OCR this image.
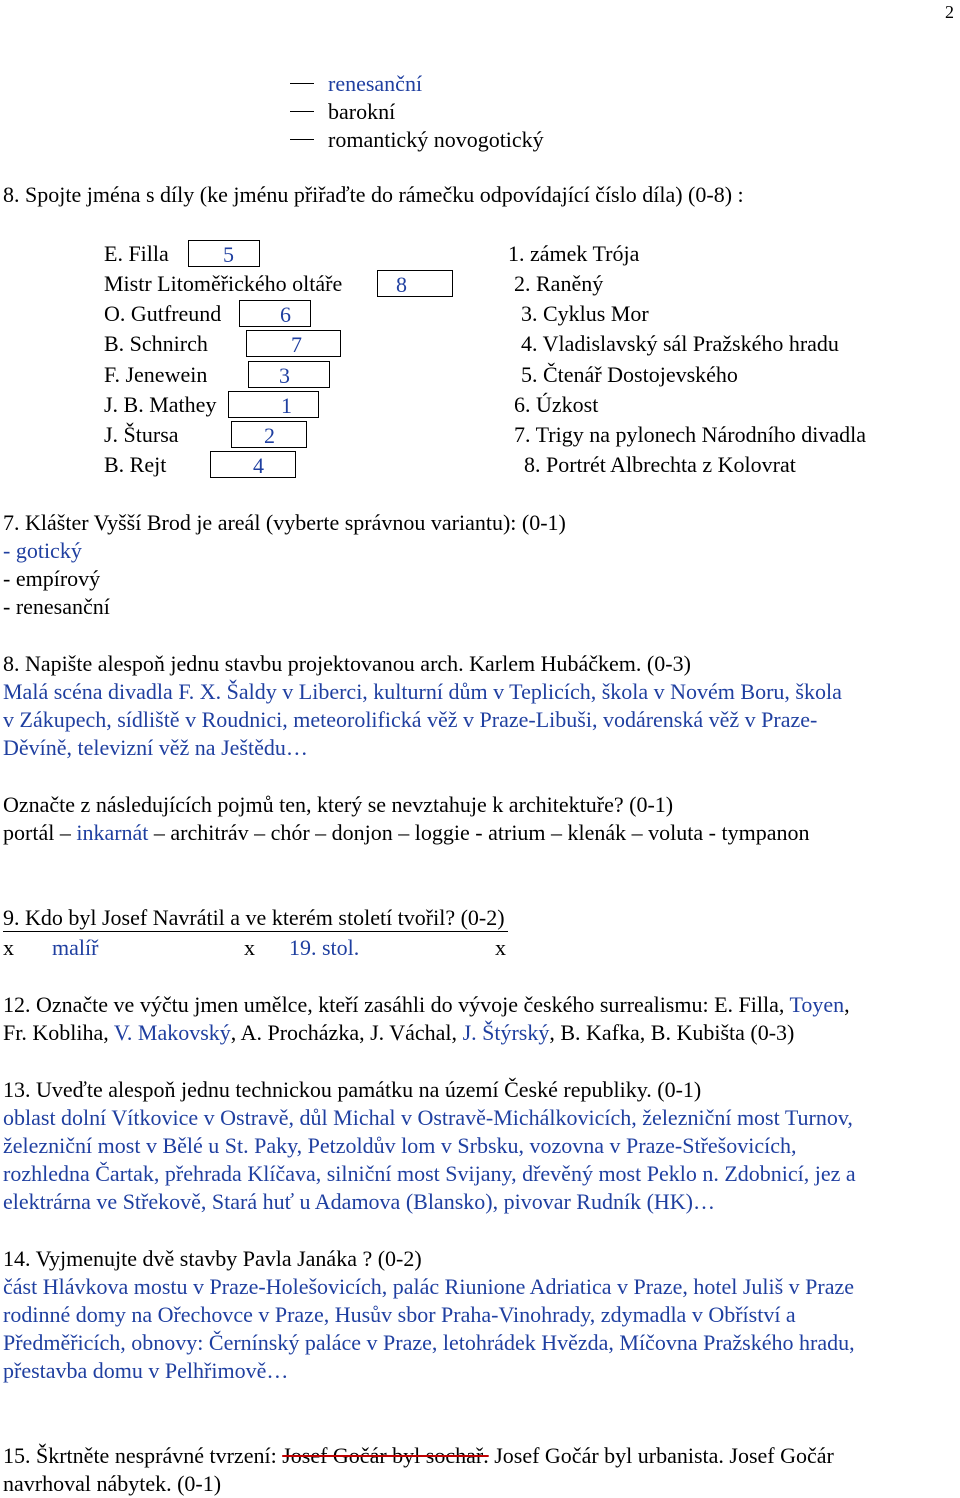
2
renesanční
barokní
romantický novogotický
8. Spojte jména s díly (ke jménu přiřaďte do rámečku odpovídající číslo díla) (0-8) :
E. Filla
Mistr Litoměřického oltáře
O. Gutfreund
B. Schnirch
F. Jenewein
J. B. Mathey
J. Štursa
B. Rejt
5
8
6
7
3
1
2
4
1. zámek Trója
2. Raněný
3. Cyklus Mor
4. Vladislavský sál Pražského hradu
5. Čtenář Dostojevského
6. Úzkost
7. Trigy na pylonech Národního divadla
8. Portrét Albrechta z Kolovrat
7. Klášter Vyšší Brod je areál (vyberte správnou variantu): (0-1)
- gotický
- empírový
- renesanční
8. Napište alespoň jednu stavbu projektovanou arch. Karlem Hubáčkem. (0-3)
Malá scéna divadla F. X. Šaldy v Liberci, kulturní dům v Teplicích, škola v Novém Boru, škola
v Zákupech, sídliště v Roudnici, meteorolifická věž v Praze-Libuši, vodárenská věž v Praze-
Děvíně, televizní věž na Ještědu…
Označte z následujících pojmů ten, který se nevztahuje k architektuře? (0-1)
portál – inkarnát – architráv – chór – donjon – loggie - atrium – klenák – voluta - tympanon
9. Kdo byl Josef Navrátil a ve kterém století tvořil? (0-2)
x malíř	x 19. stol.	x
12. Označte ve výčtu jmen umělce, kteří zasáhli do vývoje českého surrealismu: E. Filla, Toyen,
Fr. Kobliha, V. Makovský, A. Procházka, J. Váchal, J. Štýrský, B. Kafka, B. Kubišta (0-3)
13. Uveďte alespoň jednu technickou památku na území České republiky. (0-1)
oblast dolní Vítkovice v Ostravě, důl Michal v Ostravě-Michálkovicích, železniční most Turnov,
železniční most v Bělé u St. Paky, Petzoldův lom v Srbsku, vozovna v Praze-Střešovicích,
rozhledna Čartak, přehrada Klíčava, silniční most Svijany, dřevěný most Peklo n. Zdobnicí, jez a
elektrárna ve Střekově, Stará huť u Adamova (Blansko), pivovar Rudník (HK)…
14. Vyjmenujte dvě stavby Pavla Janáka ? (0-2)
část Hlávkova mostu v Praze-Holešovicích, palác Riunione Adriatica v Praze, hotel Juliš v Praze
rodinné domy na Ořechovce v Praze, Husův sbor Praha-Vinohrady, zdymadla v Obříství a
Předměřicích, obnovy: Černínský paláce v Praze, letohrádek Hvězda, Míčovna Pražského hradu,
přestavba domu v Pelhřimově…
15. Škrtněte nesprávné tvrzení: Josef Gočár byl sochař. Josef Gočár byl urbanista. Josef Gočár
navrhoval nábytek. (0-1)
